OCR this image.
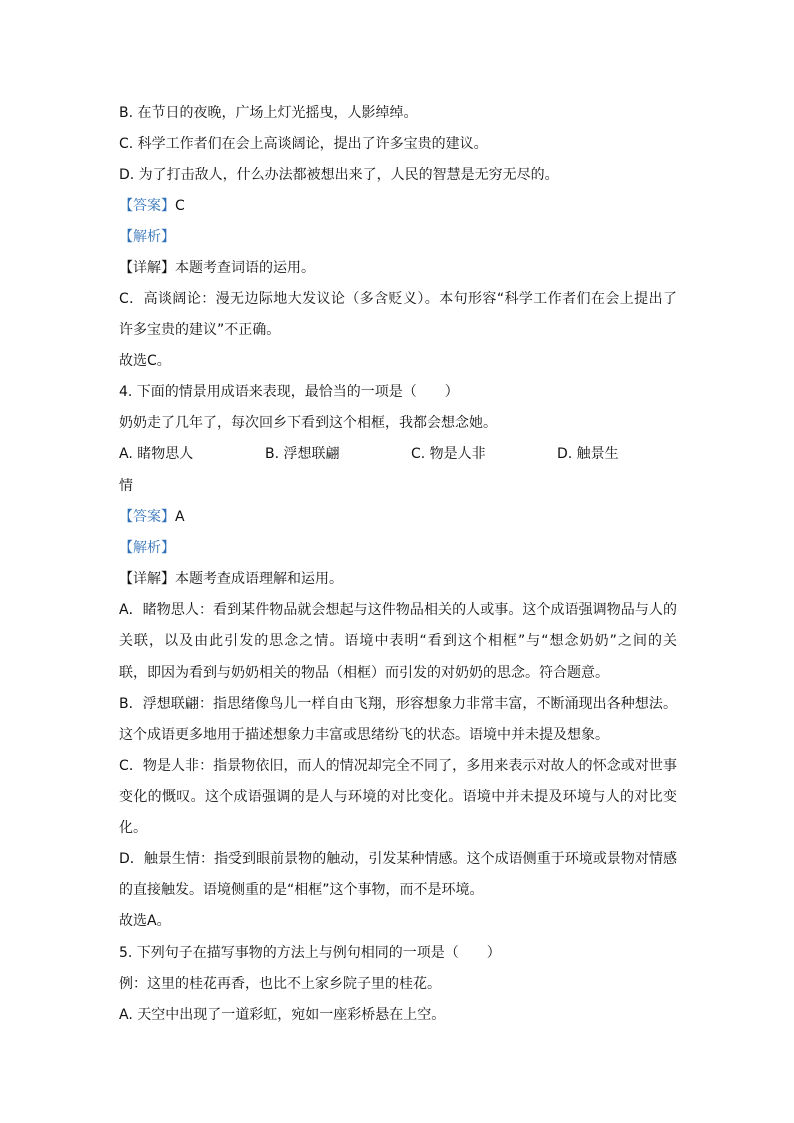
B. 在节日的夜晚，广场上灯光摇曳，人影绰绰。
C. 科学工作者们在会上高谈阔论，提出了许多宝贵的建议。
D. 为了打击敌人，什么办法都被想出来了，人民的智慧是无穷无尽的。
【答案】C
【解析】
【详解】本题考查词语的运用。
C．高谈阔论：漫无边际地大发议论（多含贬义）。本句形容“科学工作者们在会上提出了
许多宝贵的建议”不正确。
故选C。
4. 下面的情景用成语来表现，最恰当的一项是（　　）
奶奶走了几年了，每次回乡下看到这个相框，我都会想念她。
A. 睹物思人	B. 浮想联翩	C. 物是人非	D. 触景生
情
【答案】A
【解析】
【详解】本题考查成语理解和运用。
A．睹物思人：看到某件物品就会想起与这件物品相关的人或事。这个成语强调物品与人的
关联，以及由此引发的思念之情。语境中表明“看到这个相框”与“想念奶奶”之间的关
联，即因为看到与奶奶相关的物品（相框）而引发的对奶奶的思念。符合题意。
B．浮想联翩：指思绪像鸟儿一样自由飞翔，形容想象力非常丰富，不断涌现出各种想法。
这个成语更多地用于描述想象力丰富或思绪纷飞的状态。语境中并未提及想象。
C．物是人非：指景物依旧，而人的情况却完全不同了，多用来表示对故人的怀念或对世事
变化的慨叹。这个成语强调的是人与环境的对比变化。语境中并未提及环境与人的对比变
化。
D．触景生情：指受到眼前景物的触动，引发某种情感。这个成语侧重于环境或景物对情感
的直接触发。语境侧重的是“相框”这个事物，而不是环境。
故选A。
5. 下列句子在描写事物的方法上与例句相同的一项是（　　）
例：这里的桂花再香，也比不上家乡院子里的桂花。
A. 天空中出现了一道彩虹，宛如一座彩桥悬在上空。
